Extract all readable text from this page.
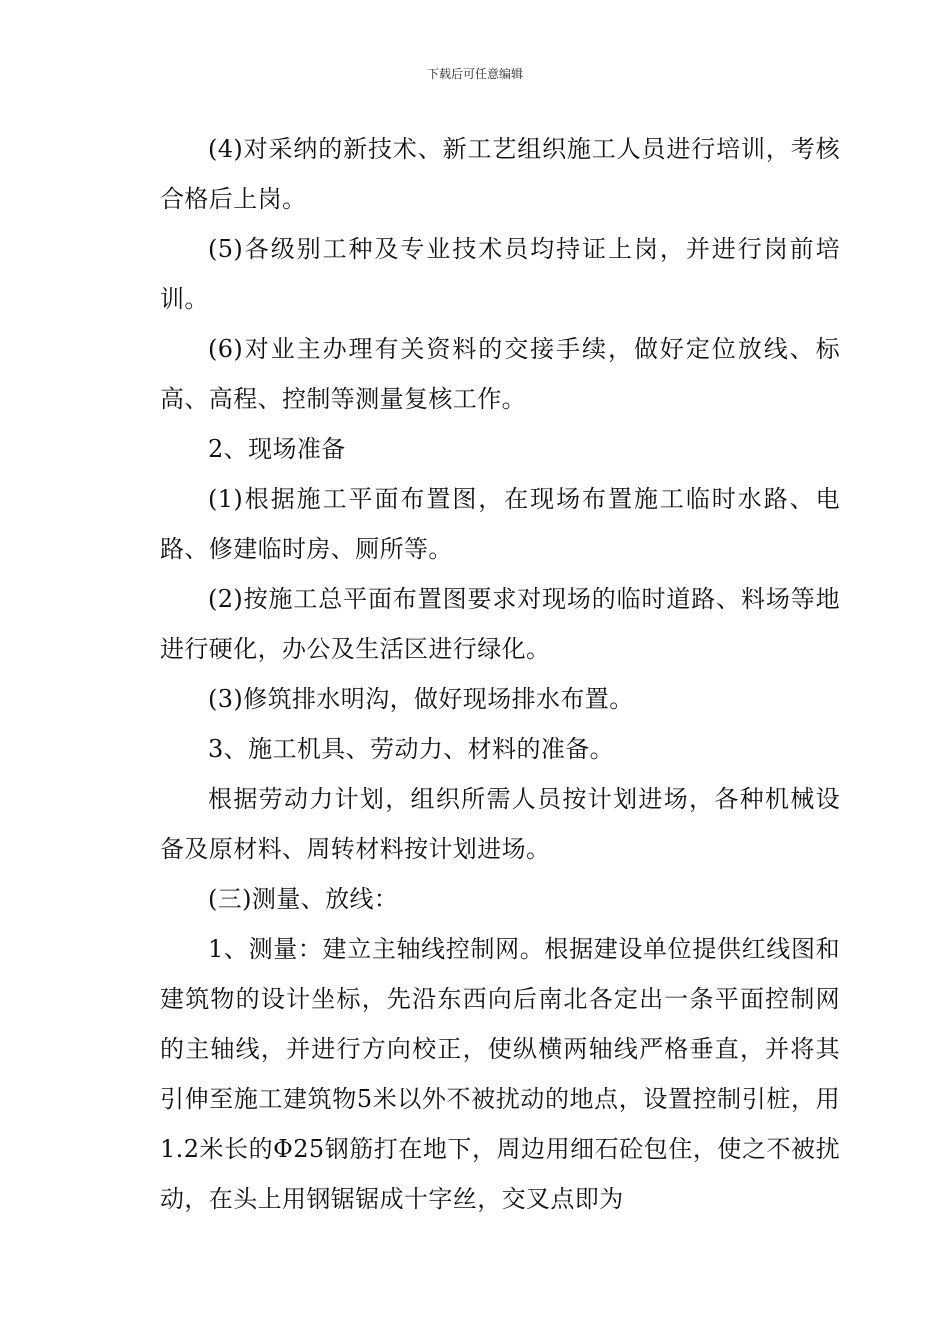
下载后可任意编辑

(4)对采纳的新技术、新工艺组织施工人员进行培训，考核合格后上岗。

(5)各级别工种及专业技术员均持证上岗，并进行岗前培训。

(6)对业主办理有关资料的交接手续，做好定位放线、标高、高程、控制等测量复核工作。

2、现场准备

(1)根据施工平面布置图，在现场布置施工临时水路、电路、修建临时房、厕所等。

(2)按施工总平面布置图要求对现场的临时道路、料场等地进行硬化，办公及生活区进行绿化。

(3)修筑排水明沟，做好现场排水布置。

3、施工机具、劳动力、材料的准备。

根据劳动力计划，组织所需人员按计划进场，各种机械设备及原材料、周转材料按计划进场。

(三)测量、放线：

1、测量：建立主轴线控制网。根据建设单位提供红线图和建筑物的设计坐标，先沿东西向后南北各定出一条平面控制网的主轴线，并进行方向校正，使纵横两轴线严格垂直，并将其引伸至施工建筑物5米以外不被扰动的地点，设置控制引桩，用1.2米长的Φ25钢筋打在地下，周边用细石砼包住，使之不被扰动，在头上用钢锯锯成十字丝，交叉点即为
